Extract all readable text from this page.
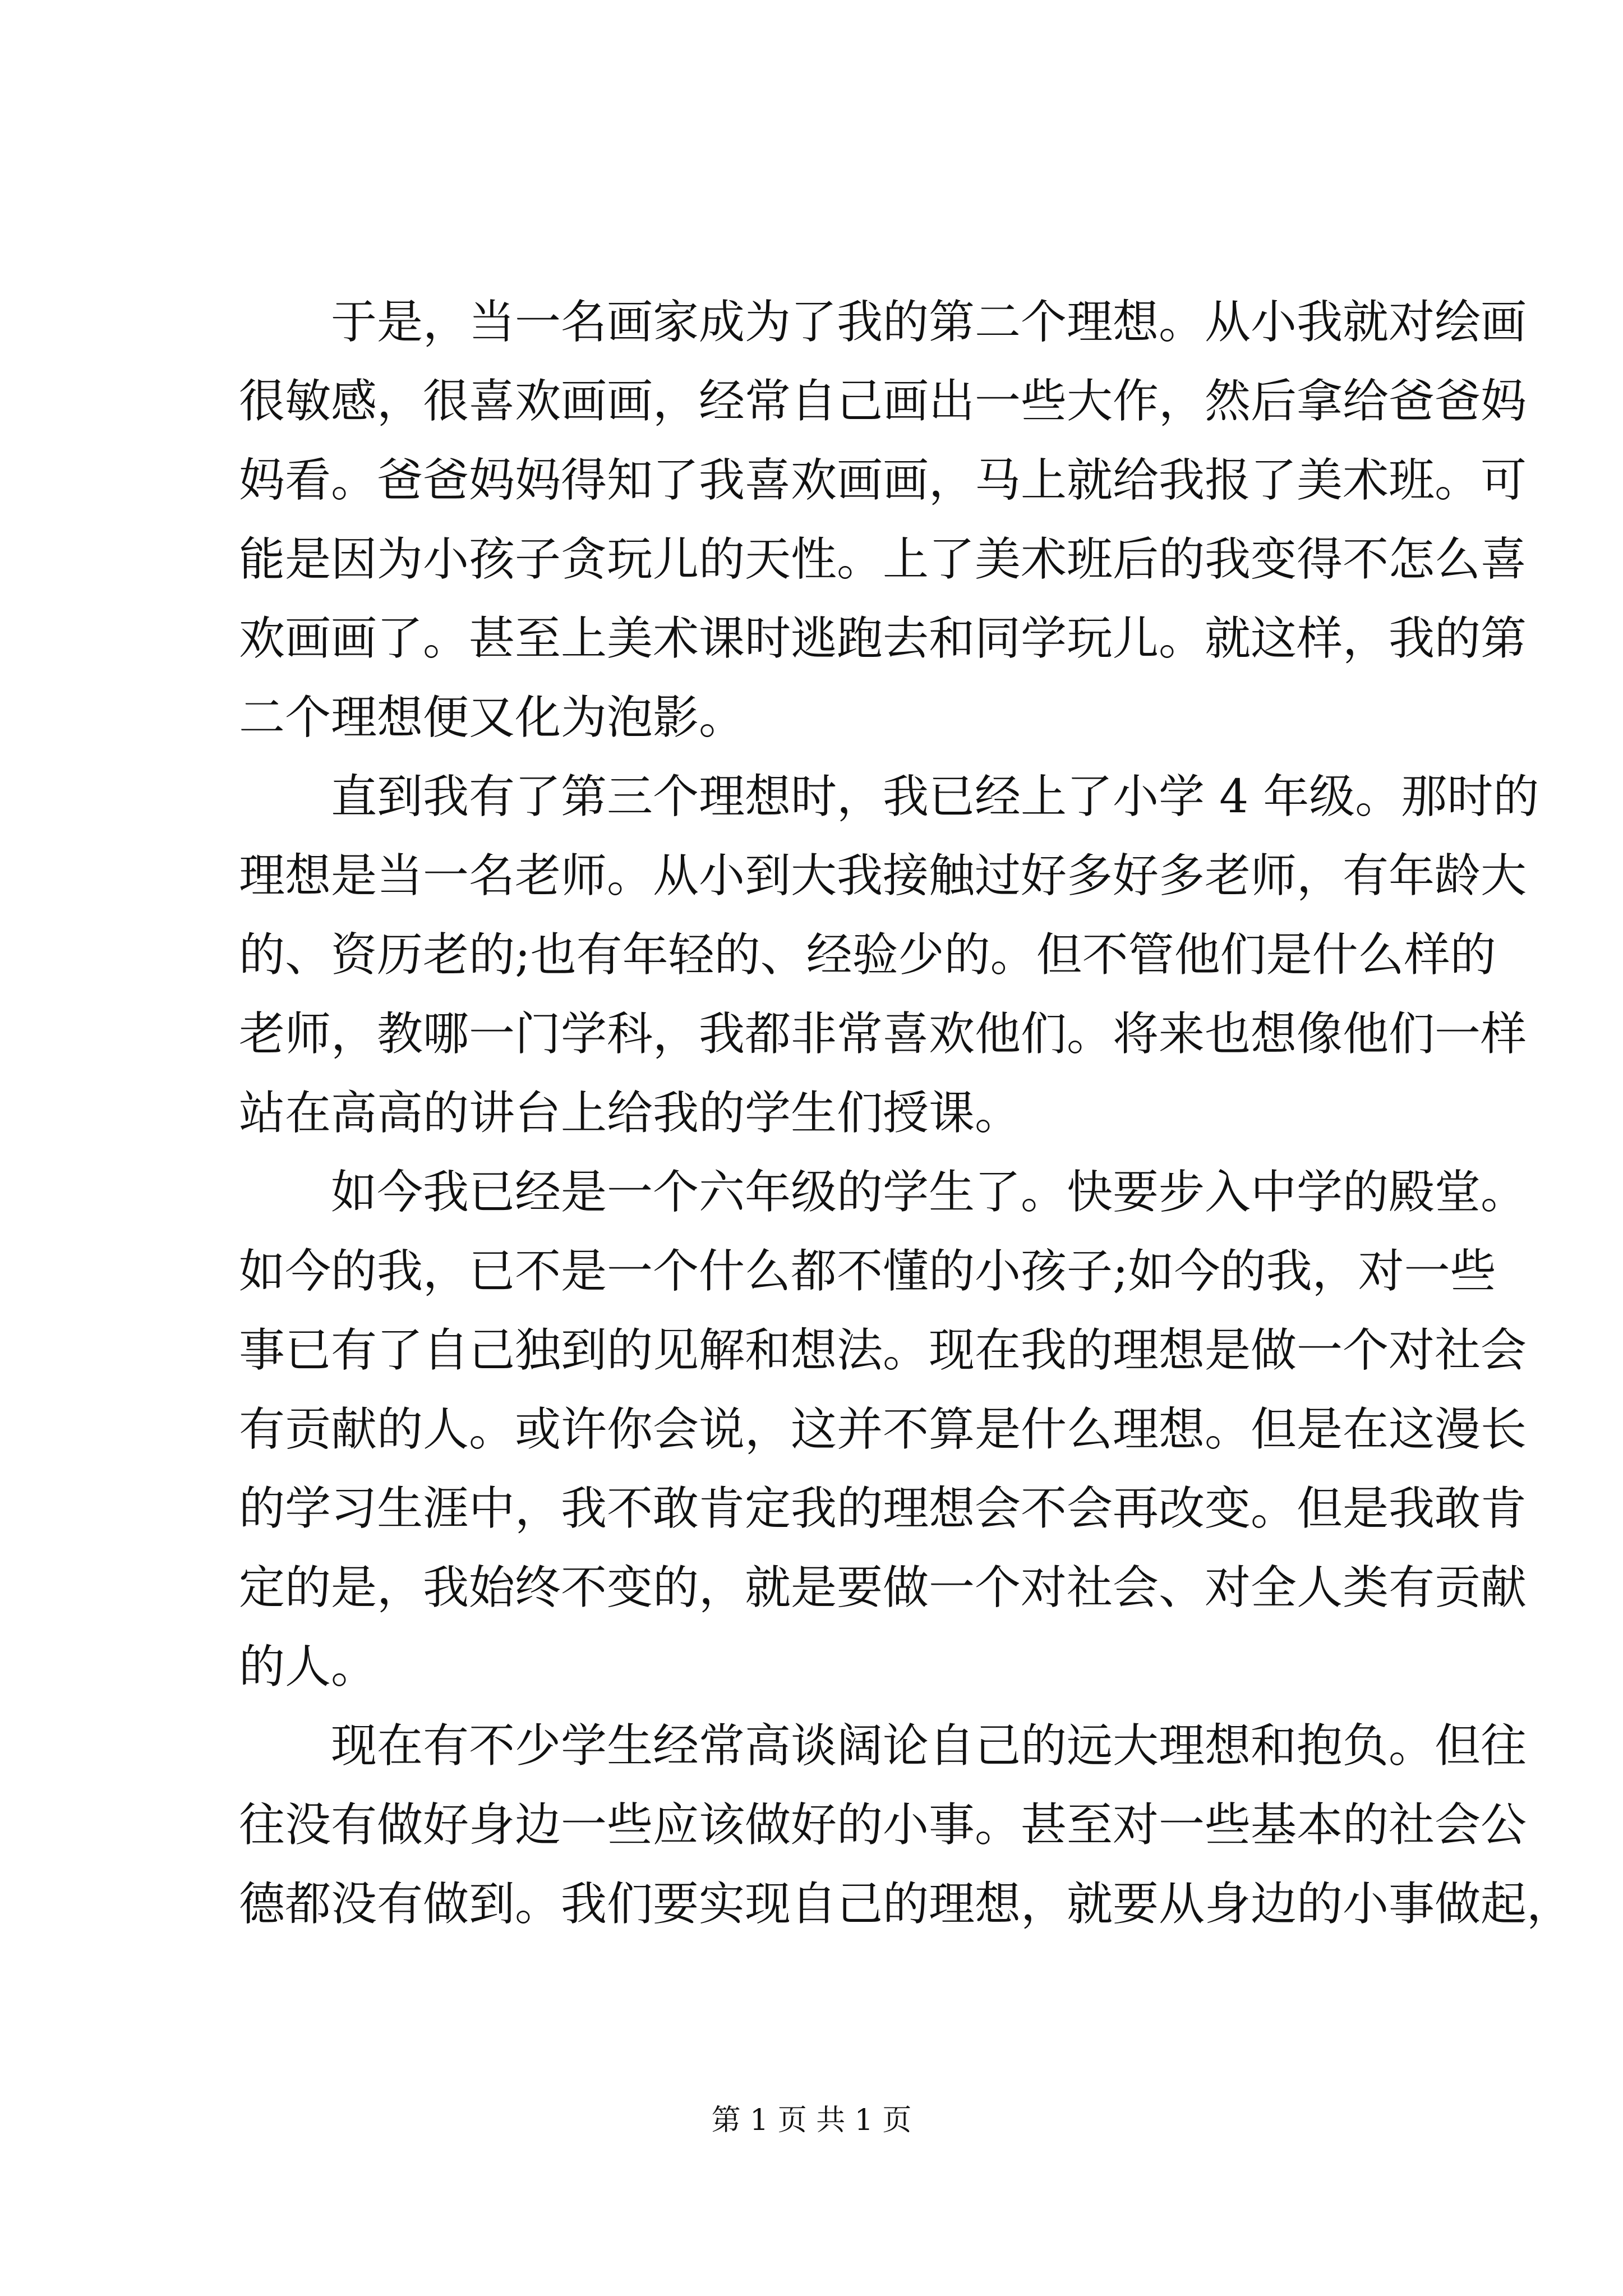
　　于是，当一名画家成为了我的第二个理想。从小我就对绘画
很敏感，很喜欢画画，经常自己画出一些大作，然后拿给爸爸妈
妈看。爸爸妈妈得知了我喜欢画画，马上就给我报了美术班。可
能是因为小孩子贪玩儿的天性。上了美术班后的我变得不怎么喜
欢画画了。甚至上美术课时逃跑去和同学玩儿。就这样，我的第
二个理想便又化为泡影。
　　直到我有了第三个理想时，我已经上了小学 4 年级。那时的
理想是当一名老师。从小到大我接触过好多好多老师，有年龄大
的、资历老的;也有年轻的、经验少的。但不管他们是什么样的
老师，教哪一门学科，我都非常喜欢他们。将来也想像他们一样
站在高高的讲台上给我的学生们授课。
　　如今我已经是一个六年级的学生了。快要步入中学的殿堂。
如今的我，已不是一个什么都不懂的小孩子;如今的我，对一些
事已有了自己独到的见解和想法。现在我的理想是做一个对社会
有贡献的人。或许你会说，这并不算是什么理想。但是在这漫长
的学习生涯中，我不敢肯定我的理想会不会再改变。但是我敢肯
定的是，我始终不变的，就是要做一个对社会、对全人类有贡献
的人。
　　现在有不少学生经常高谈阔论自己的远大理想和抱负。但往
往没有做好身边一些应该做好的小事。甚至对一些基本的社会公
德都没有做到。我们要实现自己的理想，就要从身边的小事做起，
第 1 页 共 1 页
